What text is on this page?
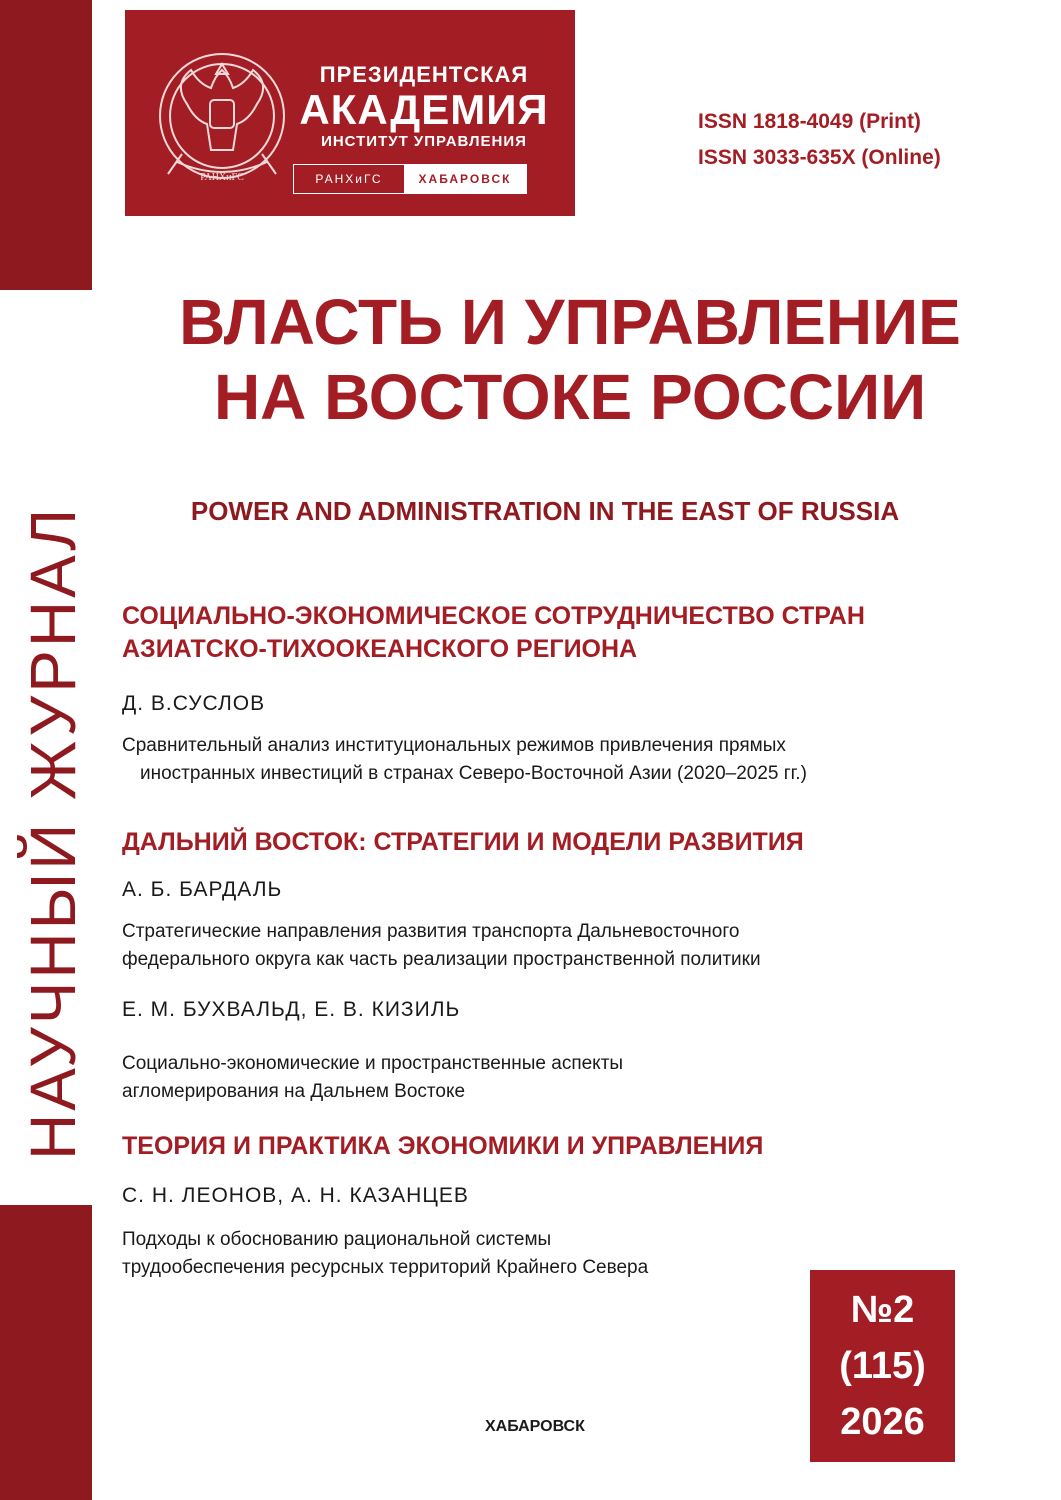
НАУЧНЫЙ ЖУРНАЛ
РАНХиГС
ПРЕЗИДЕНТСКАЯ
АКАДЕМИЯ
ИНСТИТУТ УПРАВЛЕНИЯ
РАНХиГС	ХАБАРОВСК
ISSN 1818-4049 (Print)
ISSN 3033-635X (Online)
ВЛАСТЬ И УПРАВЛЕНИЕ
НА ВОСТОКЕ РОССИИ
POWER AND ADMINISTRATION IN THE EAST OF RUSSIA
СОЦИАЛЬНО-ЭКОНОМИЧЕСКОЕ СОТРУДНИЧЕСТВО СТРАН
АЗИАТСКО-ТИХООКЕАНСКОГО РЕГИОНА
Д. В.СУСЛОВ
Сравнительный анализ институциональных режимов привлечения прямых
иностранных инвестиций в странах Северо-Восточной Азии (2020–2025 гг.)
ДАЛЬНИЙ ВОСТОК: СТРАТЕГИИ И МОДЕЛИ РАЗВИТИЯ
А. Б. БАРДАЛЬ
Стратегические направления развития транспорта Дальневосточного
федерального округа как часть реализации пространственной политики
Е. М. БУХВАЛЬД, Е. В. КИЗИЛЬ
Социально-экономические и пространственные аспекты
агломерирования на Дальнем Востоке
ТЕОРИЯ И ПРАКТИКА ЭКОНОМИКИ И УПРАВЛЕНИЯ
С. Н. ЛЕОНОВ, А. Н. КАЗАНЦЕВ
Подходы к обоснованию рациональной системы
трудообеспечения ресурсных территорий Крайнего Севера
№2
(115)
2026
ХАБАРОВСК
